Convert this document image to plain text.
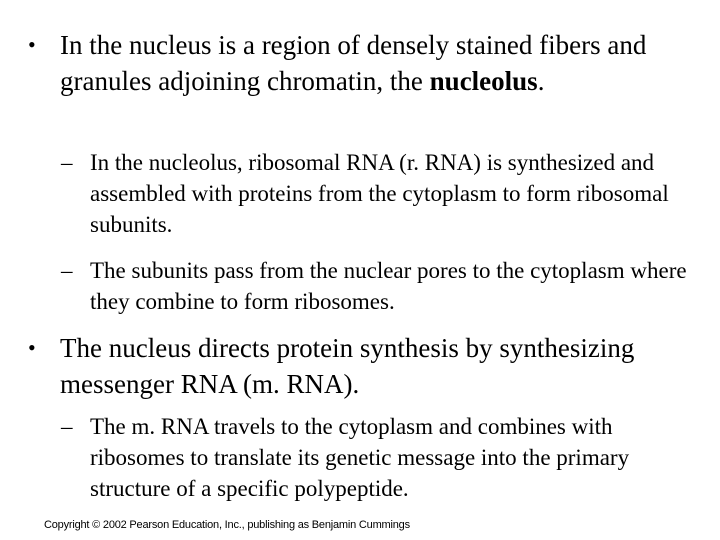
• In the nucleus is a region of densely stained fibers and granules adjoining chromatin, the nucleolus.
– In the nucleolus, ribosomal RNA (r. RNA) is synthesized and assembled with proteins from the cytoplasm to form ribosomal subunits.
– The subunits pass from the nuclear pores to the cytoplasm where they combine to form ribosomes.
• The nucleus directs protein synthesis by synthesizing messenger RNA (m. RNA).
– The m. RNA travels to the cytoplasm and combines with ribosomes to translate its genetic message into the primary structure of a specific polypeptide.
Copyright © 2002 Pearson Education, Inc., publishing as Benjamin Cummings
